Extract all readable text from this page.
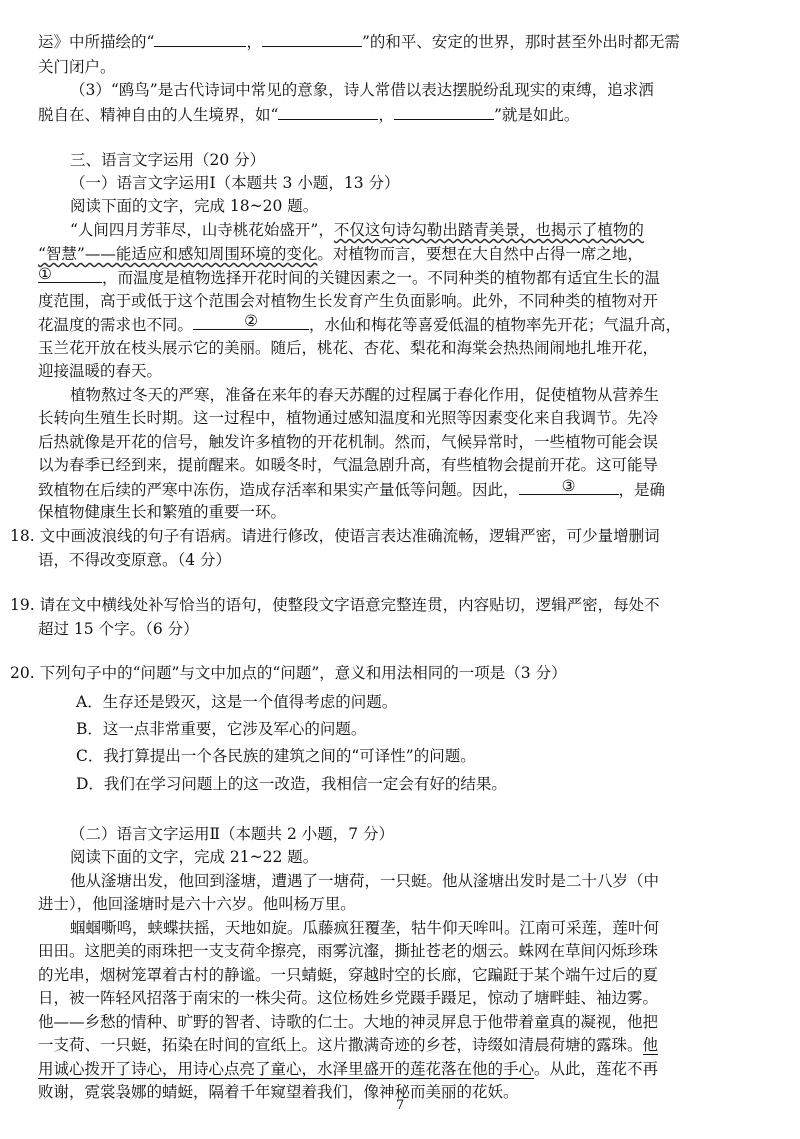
运》中所描绘的“	，	”的和平、安定的世界，那时甚至外出时都无需
关门闭户。
（3）“鸥鸟”是古代诗词中常见的意象，诗人常借以表达摆脱纷乱现实的束缚，追求洒
脱自在、精神自由的人生境界，如“	，	”就是如此。
三、语言文字运用（20 分）
（一）语言文字运用Ⅰ（本题共 3 小题，13 分）
阅读下面的文字，完成 18~20 题。
“人间四月芳菲尽，山寺桃花始盛开”，不仅这句诗勾勒出踏青美景，也揭示了植物的
“智慧”——能适应和感知周围环境的变化。对植物而言，要想在大自然中占得一席之地，
①	，而温度是植物选择开花时间的关键因素之一。不同种类的植物都有适宜生长的温
度范围，高于或低于这个范围会对植物生长发育产生负面影响。此外，不同种类的植物对开
花温度的需求也不同。	②	，水仙和梅花等喜爱低温的植物率先开花；气温升高，
玉兰花开放在枝头展示它的美丽。随后，桃花、杏花、梨花和海棠会热热闹闹地扎堆开花，
迎接温暖的春天。
植物熬过冬天的严寒，准备在来年的春天苏醒的过程属于春化作用，促使植物从营养生
长转向生殖生长时期。这一过程中，植物通过感知温度和光照等因素变化来自我调节。先冷
后热就像是开花的信号，触发许多植物的开花机制。然而，气候异常时，一些植物可能会误
以为春季已经到来，提前醒来。如暖冬时，气温急剧升高，有些植物会提前开花。这可能导
致植物在后续的严寒中冻伤，造成存活率和果实产量低等问题 · ·。因此，	③	，是确
保植物健康生长和繁殖的重要一环。
18. 文中画波浪线的句子有语病。请进行修改，使语言表达准确流畅，逻辑严密，可少量增删词
语，不得改变原意。（4 分）
19. 请在文中横线处补写恰当的语句，使整段文字语意完整连贯，内容贴切，逻辑严密，每处不
超过 15 个字。（6 分）
20. 下列句子中的“问题”与文中加点的“问题”，意义和用法相同的一项是（3 分）
A．生存还是毁灭，这是一个值得考虑的问题。
B．这一点非常重要，它涉及军心的问题。
C．我打算提出一个各民族的建筑之间的“可译性”的问题。
D．我们在学习问题上的这一改造，我相信一定会有好的结果。
（二）语言文字运用Ⅱ（本题共 2 小题，7 分）
阅读下面的文字，完成 21~22 题。
他从滏塘出发，他回到滏塘，遭遇了一塘荷，一只蜓。他从滏塘出发时是二十八岁（中
进士），他回滏塘时是六十六岁。他叫杨万里。
蝈蝈嘶鸣，蛱蝶扶摇，天地如旋。瓜藤疯狂覆垄，牯牛仰天哞叫。江南可采莲，莲叶何
田田。这肥美的雨珠把一支支荷伞擦亮，雨雾沆瀣，撕扯苍老的烟云。蛛网在草间闪烁珍珠
的光串，烟树笼罩着古村的静谧。一只蜻蜓，穿越时空的长廊，它蹁跹于某个端午过后的夏
日，被一阵轻风招落于南宋的一株尖荷。这位杨姓乡党蹑手蹑足，惊动了塘畔蛙、袖边雾。
他——乡愁的情种、旷野的智者、诗歌的仁士。大地的神灵屏息于他带着童真的凝视，他把
一支荷、一只蜓，拓染在时间的宣纸上。这片撒满奇迹的乡苍，诗缀如清晨荷塘的露珠。他
用诚心拨开了诗心，用诗心点亮了童心，水泽里盛开的莲花落在他的手心。从此，莲花不再
败谢，霓裳袅娜的蜻蜓，隔着千年窥望着我们，像神秘而美丽的花妖。
7
